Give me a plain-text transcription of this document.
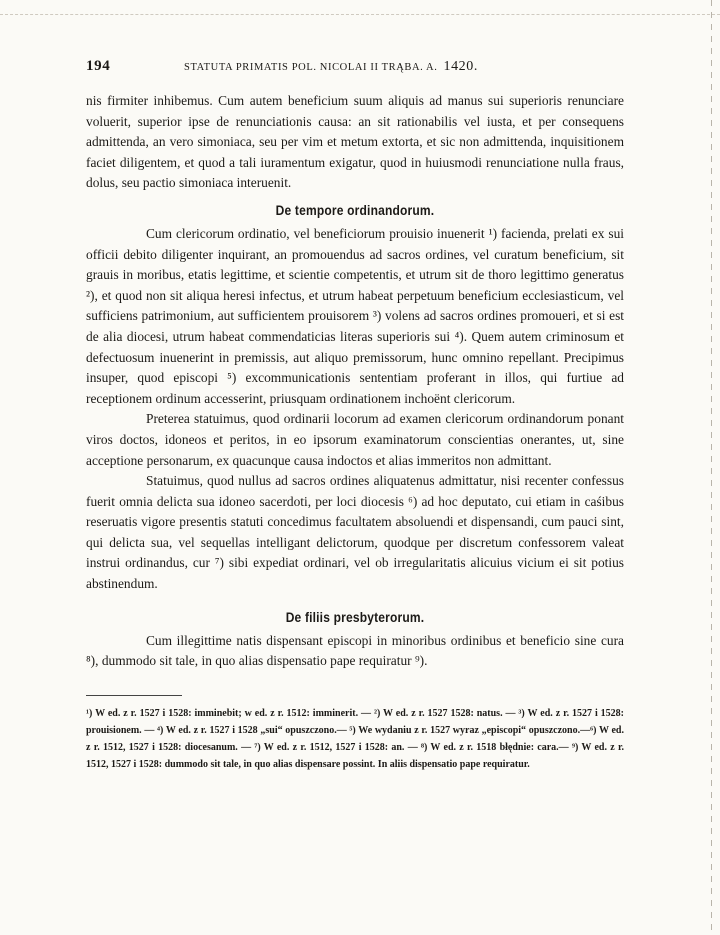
194	STATUTA PRIMATIS POL. NICOLAI II TRĄBA. A. 1420.

nis firmiter inhibemus. Cum autem beneficium suum aliquis ad manus sui superioris renunciare voluerit, superior ipse de renunciationis causa: an sit rationabilis vel iusta, et per consequens admittenda, an vero simoniaca, seu per vim et metum extorta, et sic non admittenda, inquisitionem faciet diligentem, et quod a tali iuramentum exigatur, quod in huiusmodi renunciatione nulla fraus, dolus, seu pactio simoniaca interuenit.

De tempore ordinandorum.

Cum clericorum ordinatio, vel beneficiorum prouisio inuenerit ¹) facienda, prelati ex sui officii debito diligenter inquirant, an promouendus ad sacros ordines, vel curatum beneficium, sit grauis in moribus, etatis legittime, et scientie competentis, et utrum sit de thoro legittimo generatus ²), et quod non sit aliqua heresi infectus, et utrum habeat perpetuum beneficium ecclesiasticum, vel sufficiens patrimonium, aut sufficientem prouisorem ³) volens ad sacros ordines promoueri, et si est de alia diocesi, utrum habeat commendaticias literas superioris sui ⁴). Quem autem criminosum et defectuosum inuenerint in premissis, aut aliquo premissorum, hunc omnino repellant. Precipimus insuper, quod episcopi ⁵) excommunicationis sententiam proferant in illos, qui furtiue ad receptionem ordinum accesserint, priusquam ordinationem inchoënt clericorum.

Preterea statuimus, quod ordinarii locorum ad examen clericorum ordinandorum ponant viros doctos, idoneos et peritos, in eo ipsorum examinatorum conscientias onerantes, ut, sine acceptione personarum, ex quacunque causa indoctos et alias immeritos non admittant.

Statuimus, quod nullus ad sacros ordines aliquatenus admittatur, nisi recenter confessus fuerit omnia delicta sua idoneo sacerdoti, per loci diocesis ⁶) ad hoc deputato, cui etiam in caśibus reseruatis vigore presentis statuti concedimus facultatem absoluendi et dispensandi, cum pauci sint, qui delicta sua, vel sequellas intelligant delictorum, quodque per discretum confessorem valeat instrui ordinandus, cur ⁷) sibi expediat ordinari, vel ob irregularitatis alicuius vicium ei sit potius abstinendum.

De filiis presbyterorum.

Cum illegittime natis dispensant episcopi in minoribus ordinibus et beneficio sine cura ⁸), dummodo sit tale, in quo alias dispensatio pape requiratur ⁹).

¹) W ed. z r. 1527 i 1528: imminebit; w ed. z r. 1512: imminerit. — ²) W ed. z r. 1527 1528: natus. — ³) W ed. z r. 1527 i 1528: prouisionem. — ⁴) W ed. z r. 1527 i 1528 „sui“ opuszczono.— ⁵) We wydaniu z r. 1527 wyraz „episcopi“ opuszczono.—⁶) W ed. z r. 1512, 1527 i 1528: diocesanum. — ⁷) W ed. z r. 1512, 1527 i 1528: an. — ⁸) W ed. z r. 1518 błędnie: cara.— ⁹) W ed. z r. 1512, 1527 i 1528: dummodo sit tale, in quo alias dispensare possint. In aliis dispensatio pape requiratur.
